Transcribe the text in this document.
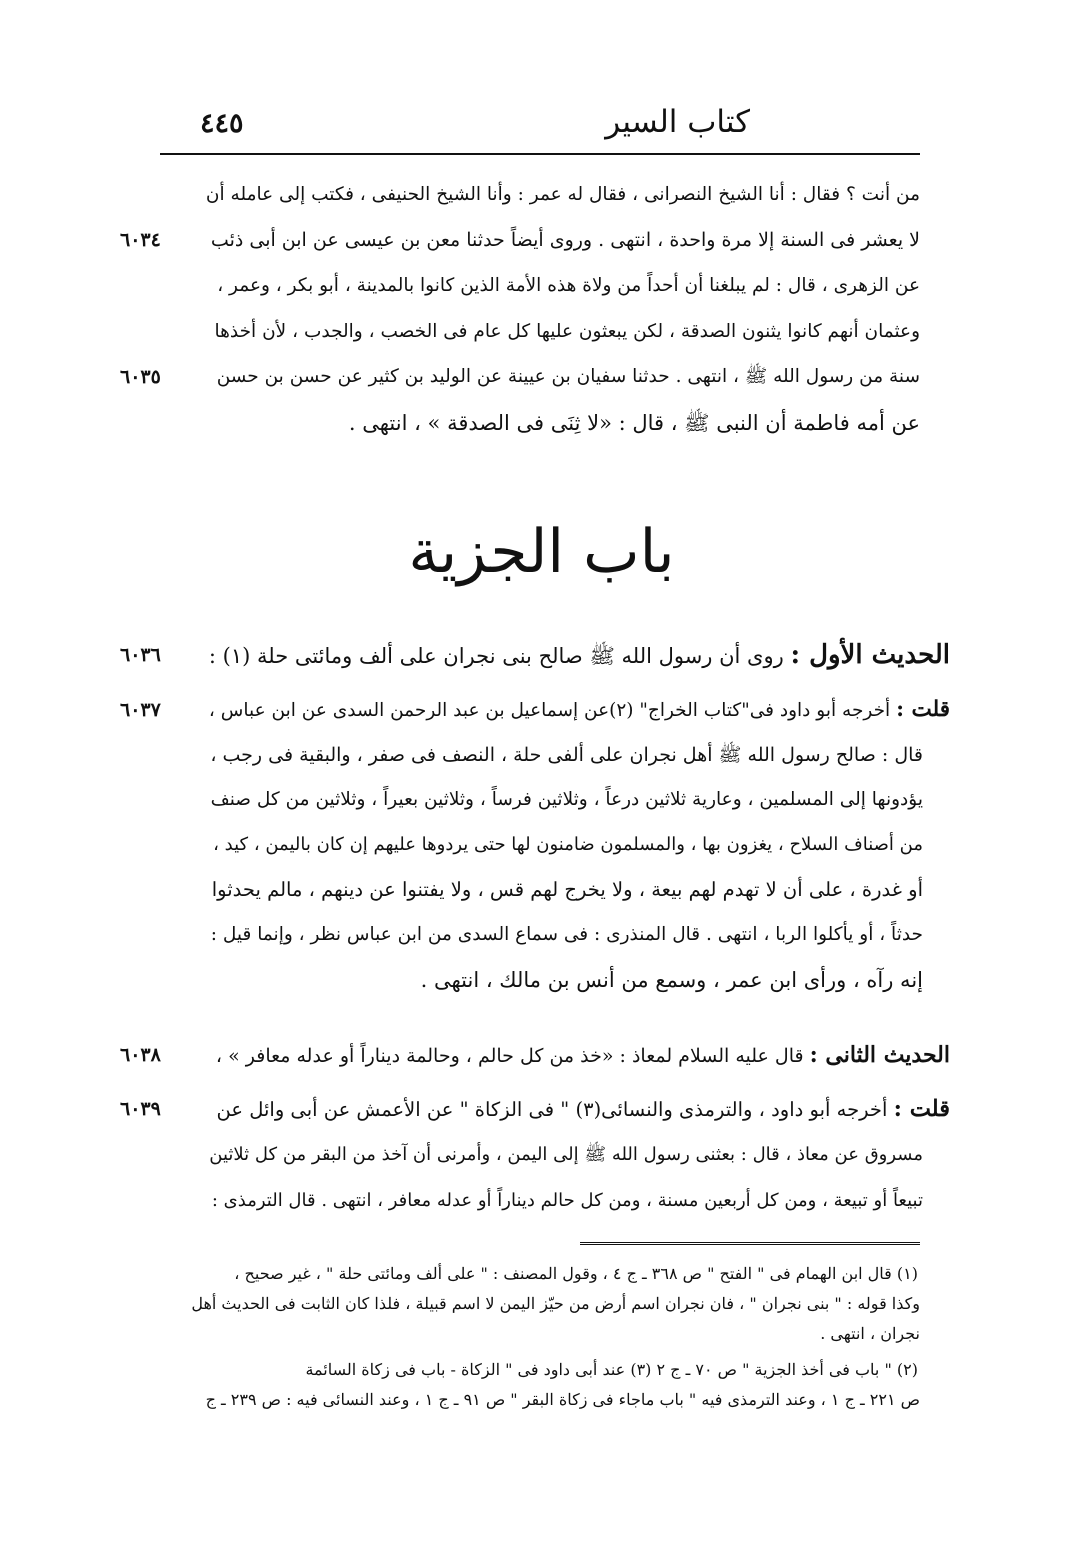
٤٤٥	كتاب السير
من أنت ؟ فقال : أنا الشيخ النصرانى ، فقال له عمر : وأنا الشيخ الحنيفى ، فكتب إلى عامله أن
لا يعشر فى السنة إلا مرة واحدة ، انتهى . وروى أيضاً حدثنا معن بن عيسى عن ابن أبى ذئب
٦٠٣٤
عن الزهرى ، قال : لم يبلغنا أن أحداً من ولاة هذه الأمة الذين كانوا بالمدينة ، أبو بكر ، وعمر ،
وعثمان أنهم كانوا يثنون الصدقة ، لكن يبعثون عليها كل عام فى الخصب ، والجدب ، لأن أخذها
سنة من رسول الله ﷺ ، انتهى . حدثنا سفيان بن عيينة عن الوليد بن كثير عن حسن بن حسن
٦٠٣٥
عن أمه فاطمة أن النبى ﷺ ، قال : «لا ثِنَى فى الصدقة » ، انتهى .
باب الجزية
الحديث الأول : روى أن رسول الله ﷺ صالح بنى نجران على ألف ومائتى حلة (١) :
٦٠٣٦
قلت : أخرجه أبو داود فى"كتاب الخراج" (٢)عن إسماعيل بن عبد الرحمن السدى عن ابن عباس ،
٦٠٣٧
قال : صالح رسول الله ﷺ أهل نجران على ألفى حلة ، النصف فى صفر ، والبقية فى رجب ،
يؤدونها إلى المسلمين ، وعارية ثلاثين درعاً ، وثلاثين فرساً ، وثلاثين بعيراً ، وثلاثين من كل صنف
من أصناف السلاح ، يغزون بها ، والمسلمون ضامنون لها حتى يردوها عليهم إن كان باليمن ، كيد ،
أو غدرة ، على أن لا تهدم لهم بيعة ، ولا يخرج لهم قس ، ولا يفتنوا عن دينهم ، مالم يحدثوا
حدثاً ، أو يأكلوا الربا ، انتهى . قال المنذرى : فى سماع السدى من ابن عباس نظر ، وإنما قيل :
إنه رآه ، ورأى ابن عمر ، وسمع من أنس بن مالك ، انتهى .
الحديث الثانى : قال عليه السلام لمعاذ : «خذ من كل حالم ، وحالمة ديناراً أو عدله معافر » ،
٦٠٣٨
قلت : أخرجه أبو داود ، والترمذى والنسائى(٣) " فى الزكاة " عن الأعمش عن أبى وائل عن
٦٠٣٩
مسروق عن معاذ ، قال : بعثنى رسول الله ﷺ إلى اليمن ، وأمرنى أن آخذ من البقر من كل ثلاثين
تبيعاً أو تبيعة ، ومن كل أربعين مسنة ، ومن كل حالم ديناراً أو عدله معافر ، انتهى . قال الترمذى :
(١) قال ابن الهمام فى " الفتح " ص ٣٦٨ ـ ج ٤ ، وقول المصنف : " على ألف ومائتى حلة " ، غير صحيح ،
وكذا قوله : " بنى نجران " ، فان نجران اسم أرض من حيّز اليمن لا اسم قبيلة ، فلذا كان الثابت فى الحديث أهل
نجران ، انتهى .
(٢) " باب فى أخذ الجزية " ص ٧٠ ـ ج ٢ (٣) عند أبى داود فى " الزكاة - باب فى زكاة السائمة
ص ٢٢١ ـ ج ١ ، وعند الترمذى فيه " باب ماجاء فى زكاة البقر " ص ٩١ ـ ج ١ ، وعند النسائى فيه : ص ٢٣٩ ـ ج
